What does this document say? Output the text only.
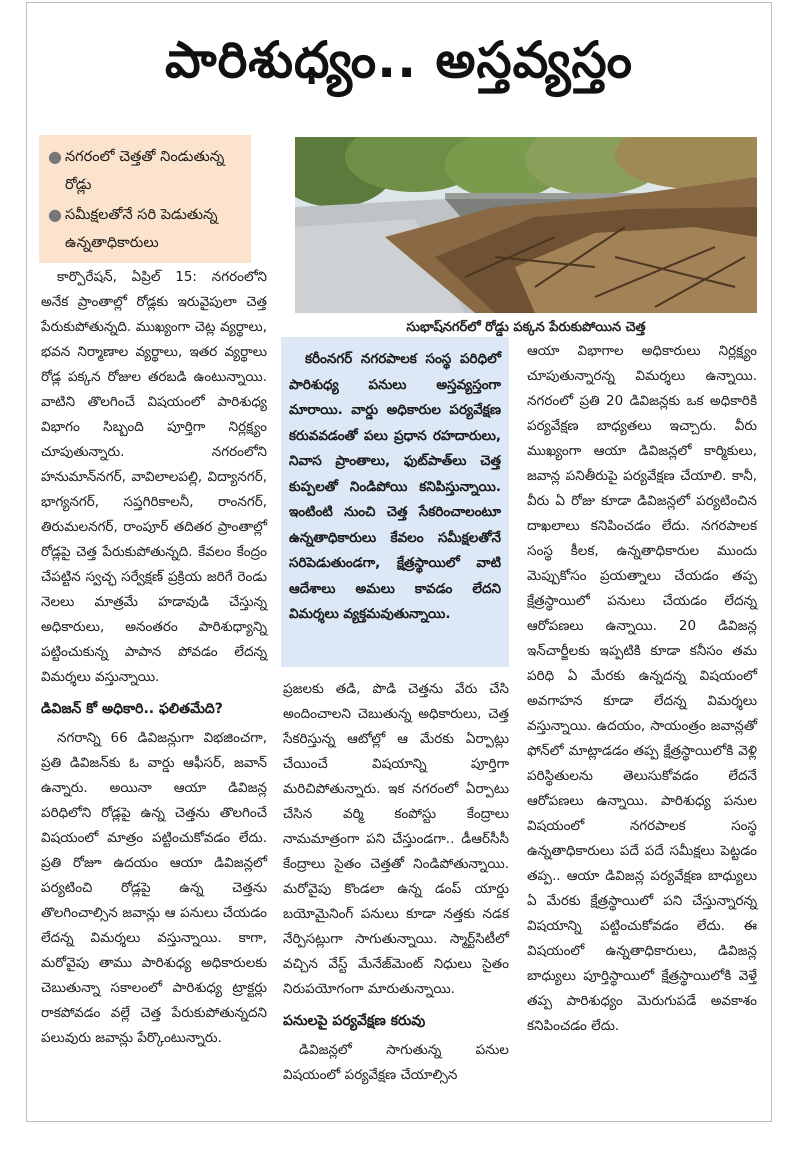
పారిశుధ్యం.. అస్తవ్యస్తం
● నగరంలో చెత్తతో నిండుతున్న రోడ్లు
● సమీక్షలతోనే సరి పెడుతున్న ఉన్నతాధికారులు
సుభాష్‌నగర్‌లో రోడ్డు పక్కన పేరుకుపోయిన చెత్త

కార్పొరేషన్‌, ఏప్రిల్‌ 15: నగరంలోని అనేక ప్రాంతాల్లో రోడ్లకు ఇరువైపులా చెత్త పేరుకుపోతున్నది. ముఖ్యంగా చెట్ల వ్యర్థాలు, భవన నిర్మాణాల వ్యర్థాలు, ఇతర వ్యర్థాలు రోడ్ల పక్కన రోజుల తరబడి ఉంటున్నాయి. వాటిని తొలగించే విషయంలో పారిశుధ్య విభాగం సిబ్బంది పూర్తిగా నిర్లక్ష్యం చూపుతున్నారు. నగరంలోని హనుమాన్‌నగర్‌, వావిలాలపల్లి, విద్యానగర్‌, భాగ్యనగర్‌, సప్తగిరికాలనీ, రాంనగర్‌, తిరుమలనగర్‌, రాంపూర్‌ తదితర ప్రాంతాల్లో రోడ్లపై చెత్త పేరుకుపోతున్నది. కేవలం కేంద్రం చేపట్టిన స్వచ్ఛ సర్వేక్షణ్‌ ప్రక్రియ జరిగే రెండు నెలలు మాత్రమే హడావుడి చేస్తున్న అధికారులు, అనంతరం పారిశుధ్యాన్ని పట్టించుకున్న పాపాన పోవడం లేదన్న విమర్శలు వస్తున్నాయి.

డివిజన్‌ కో అధికారి.. ఫలితమేది?

నగరాన్ని 66 డివిజన్లుగా విభజించగా, ప్రతి డివిజన్‌కు ఓ వార్డు ఆఫీసర్‌, జవాన్‌ ఉన్నారు. అయినా ఆయా డివిజన్ల పరిధిలోని రోడ్లపై ఉన్న చెత్తను తొలగించే విషయంలో మాత్రం పట్టించుకోవడం లేదు. ప్రతి రోజూ ఉదయం ఆయా డివిజన్లలో పర్యటించి రోడ్లపై ఉన్న చెత్తను తొలగించాల్సిన జవాన్లు ఆ పనులు చేయడం లేదన్న విమర్శలు వస్తున్నాయి. కాగా, మరోవైపు తాము పారిశుధ్య అధికారులకు చెబుతున్నా సకాలంలో పారిశుధ్య ట్రాక్టర్లు రాకపోవడం వల్లే చెత్త పేరుకుపోతున్నదని పలువురు జవాన్లు పేర్కొంటున్నారు.

కరీంనగర్‌ నగరపాలక సంస్థ పరిధిలో పారిశుధ్య పనులు అస్తవ్యస్తంగా మారాయి. వార్డు అధికారుల పర్యవేక్షణ కరువవడంతో పలు ప్రధాన రహదారులు, నివాస ప్రాంతాలు, ఫుట్‌పాత్‌లు చెత్త కుప్పలతో నిండిపోయి కనిపిస్తున్నాయి. ఇంటింటి నుంచి చెత్త సేకరించాలంటూ ఉన్నతాధికారులు కేవలం సమీక్షలతోనే సరిపెడుతుండగా, క్షేత్రస్థాయిలో వాటి ఆదేశాలు అమలు కావడం లేదని విమర్శలు వ్యక్తమవుతున్నాయి.

ప్రజలకు తడి, పొడి చెత్తను వేరు చేసి అందించాలని చెబుతున్న అధికారులు, చెత్త సేకరిస్తున్న ఆటోల్లో ఆ మేరకు ఏర్పాట్లు చేయించే విషయాన్ని పూర్తిగా మరిచిపోతున్నారు. ఇక నగరంలో ఏర్పాటు చేసిన వర్మి కంపోస్టు కేంద్రాలు నామమాత్రంగా పని చేస్తుండగా.. డీఆర్‌సీసీ కేంద్రాలు సైతం చెత్తతో నిండిపోతున్నాయి. మరోవైపు కొండలా ఉన్న డంప్‌ యార్డు బయోమైనింగ్‌ పనులు కూడా నత్తకు నడక నేర్పిసట్లుగా సాగుతున్నాయి. స్మార్ట్‌సిటీలో వచ్చిన వేస్ట్‌ మేనేజ్‌మెంట్‌ నిధులు సైతం నిరుపయోగంగా మారుతున్నాయి.

పనులపై పర్యవేక్షణ కరువు

డివిజన్లలో సాగుతున్న పనుల విషయంలో పర్యవేక్షణ చేయాల్సిన

ఆయా విభాగాల అధికారులు నిర్లక్ష్యం చూపుతున్నారన్న విమర్శలు ఉన్నాయి. నగరంలో ప్రతి 20 డివిజన్లకు ఒక అధికారికి పర్యవేక్షణ బాధ్యతలు ఇచ్చారు. వీరు ముఖ్యంగా ఆయా డివిజన్లలో కార్మికులు, జవాన్ల పనితీరుపై పర్యవేక్షణ చేయాలి. కానీ, వీరు ఏ రోజు కూడా డివిజన్లలో పర్యటించిన దాఖలాలు కనిపించడం లేదు. నగరపాలక సంస్థ కీలక, ఉన్నతాధికారుల ముందు మెప్పుకోసం ప్రయత్నాలు చేయడం తప్ప క్షేత్రస్థాయిలో పనులు చేయడం లేదన్న ఆరోపణలు ఉన్నాయి. 20 డివిజన్ల ఇన్‌చార్జీలకు ఇప్పటికి కూడా కనీసం తమ పరిధి ఏ మేరకు ఉన్నదన్న విషయంలో అవగాహన కూడా లేదన్న విమర్శలు వస్తున్నాయి. ఉదయం, సాయంత్రం జవాన్లతో ఫోన్‌లో మాట్లాడడం తప్ప క్షేత్రస్థాయిలోకి వెళ్లి పరిస్థితులను తెలుసుకోవడం లేదనే ఆరోపణలు ఉన్నాయి. పారిశుధ్య పనుల విషయంలో నగరపాలక సంస్థ ఉన్నతాధికారులు పదే పదే సమీక్షలు పెట్టడం తప్ప.. ఆయా డివిజన్ల పర్యవేక్షణ బాధ్యులు ఏ మేరకు క్షేత్రస్థాయిలో పని చేస్తున్నారన్న విషయాన్ని పట్టించుకోవడం లేదు. ఈ విషయంలో ఉన్నతాధికారులు, డివిజన్ల బాధ్యులు పూర్తిస్థాయిలో క్షేత్రస్థాయిలోకి వెళ్తే తప్ప పారిశుధ్యం మెరుగుపడే అవకాశం కనిపించడం లేదు.
